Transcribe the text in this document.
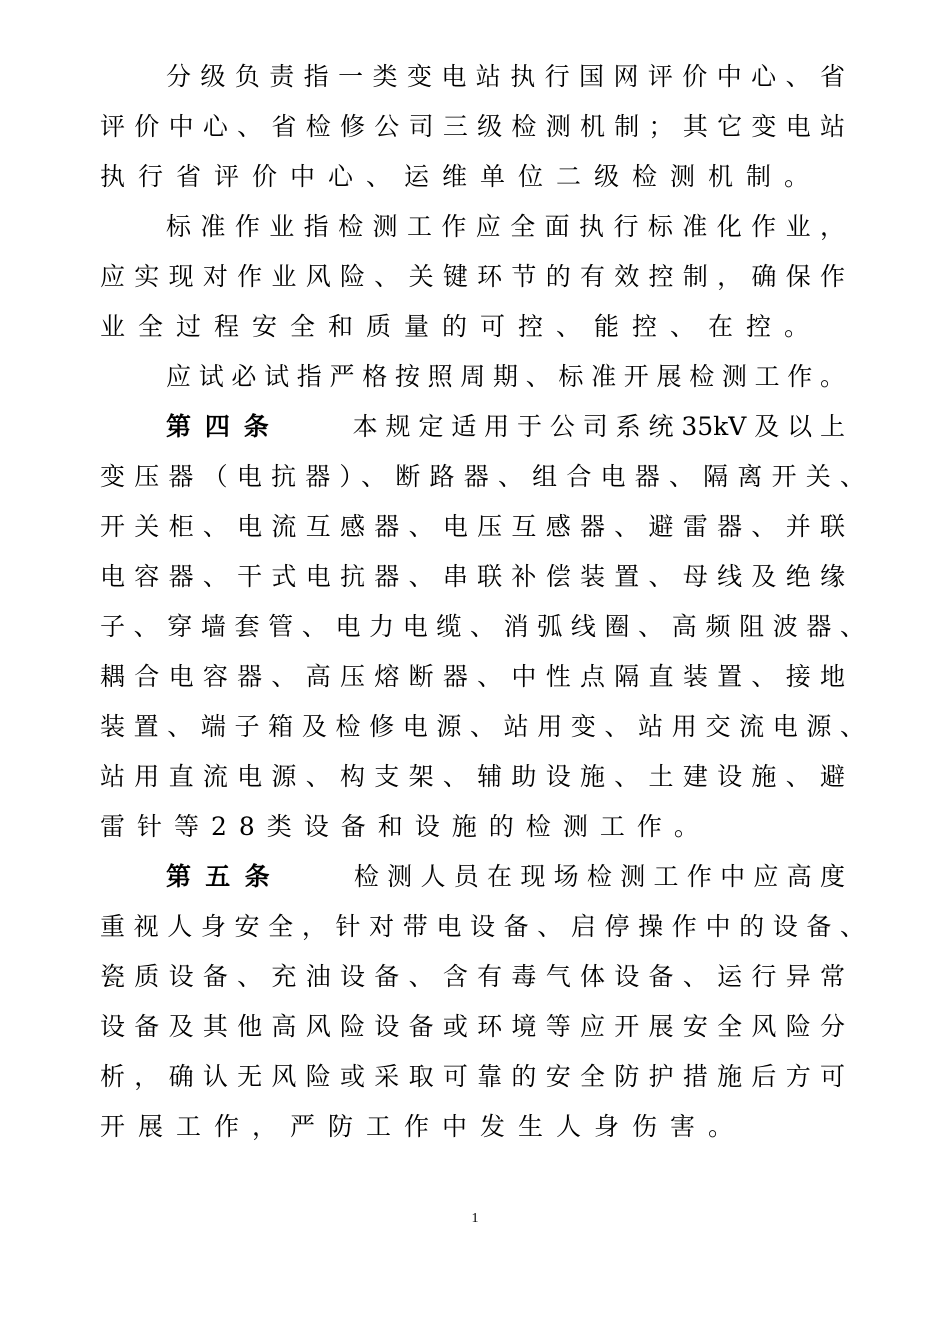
分级负责指一类变电站执行国网评价中心、省
评价中心、省检修公司三级检测机制；其它变电站
执行省评价中心、运维单位二级检测机制。
标准作业指检测工作应全面执行标准化作业，
应实现对作业风险、关键环节的有效控制，确保作
业全过程安全和质量的可控、能控、在控。
应试必试指严格按照周期、标准开展检测工作。
第四条	本规定适用于公司系统35kV及以上
变压器（电抗器）、断路器、组合电器、隔离开关、
开关柜、电流互感器、电压互感器、避雷器、并联
电容器、干式电抗器、串联补偿装置、母线及绝缘
子、穿墙套管、电力电缆、消弧线圈、高频阻波器、
耦合电容器、高压熔断器、中性点隔直装置、接地
装置、端子箱及检修电源、站用变、站用交流电源、
站用直流电源、构支架、辅助设施、土建设施、避
雷针等28类设备和设施的检测工作。
第五条	检测人员在现场检测工作中应高度
重视人身安全，针对带电设备、启停操作中的设备、
瓷质设备、充油设备、含有毒气体设备、运行异常
设备及其他高风险设备或环境等应开展安全风险分
析，确认无风险或采取可靠的安全防护措施后方可
开展工作，严防工作中发生人身伤害。
1
